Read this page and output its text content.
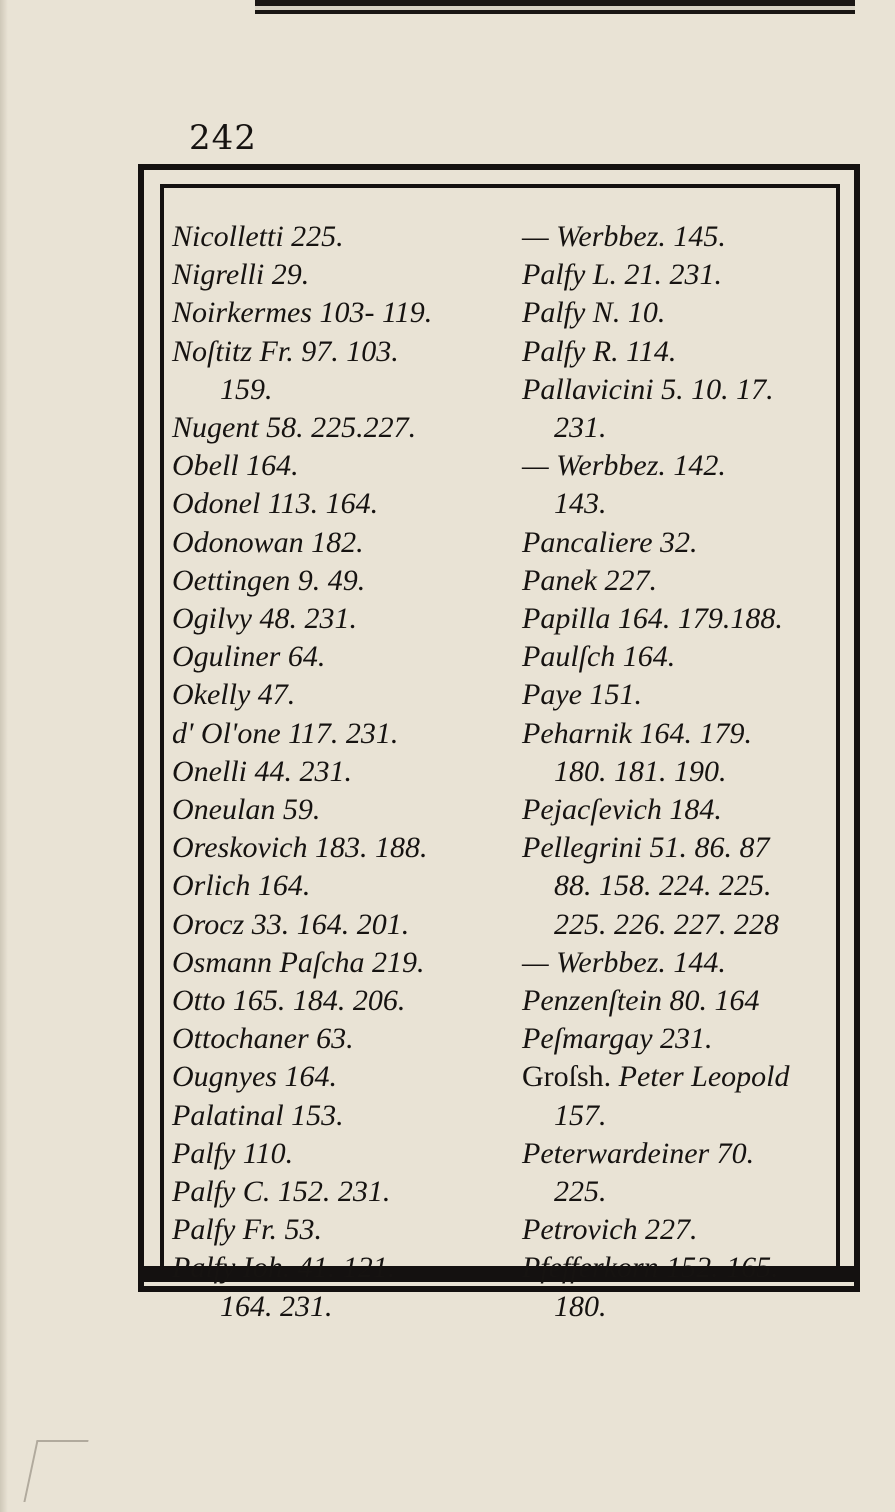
242
Nicolletti 225.
Nigrelli 29.
Noirkermes 103- 119.
Noſtitz Fr. 97. 103.
159.
Nugent 58. 225.227.
Obell 164.
Odonel 113. 164.
Odonowan 182.
Oettingen 9. 49.
Ogilvy 48. 231.
Oguliner 64.
Okelly 47.
d' Ol'one 117. 231.
Onelli 44. 231.
Oneulan 59.
Oreskovich 183. 188.
Orlich 164.
Orocz 33. 164. 201.
Osmann Paſcha 219.
Otto 165. 184. 206.
Ottochaner 63.
Ougnyes 164.
Palatinal 153.
Palfy 110.
Palfy C. 152. 231.
Palfy Fr. 53.
Palfy Ioh. 41. 121.
164. 231.
— Werbbez. 145.
Palfy L. 21. 231.
Palfy N. 10.
Palfy R. 114.
Pallavicini 5. 10. 17.
231.
— Werbbez. 142.
143.
Pancaliere 32.
Panek 227.
Papilla 164. 179.188.
Paulſch 164.
Paye 151.
Peharnik 164. 179.
180. 181. 190.
Pejacſevich 184.
Pellegrini 51. 86. 87
88. 158. 224. 225.
225. 226. 227. 228
— Werbbez. 144.
Penzenſtein 80. 164
Peſmargay 231.
Groſsh. Peter Leopold
157.
Peterwardeiner 70.
225.
Petrovich 227.
Pfefferkorn 152. 165.
180.
